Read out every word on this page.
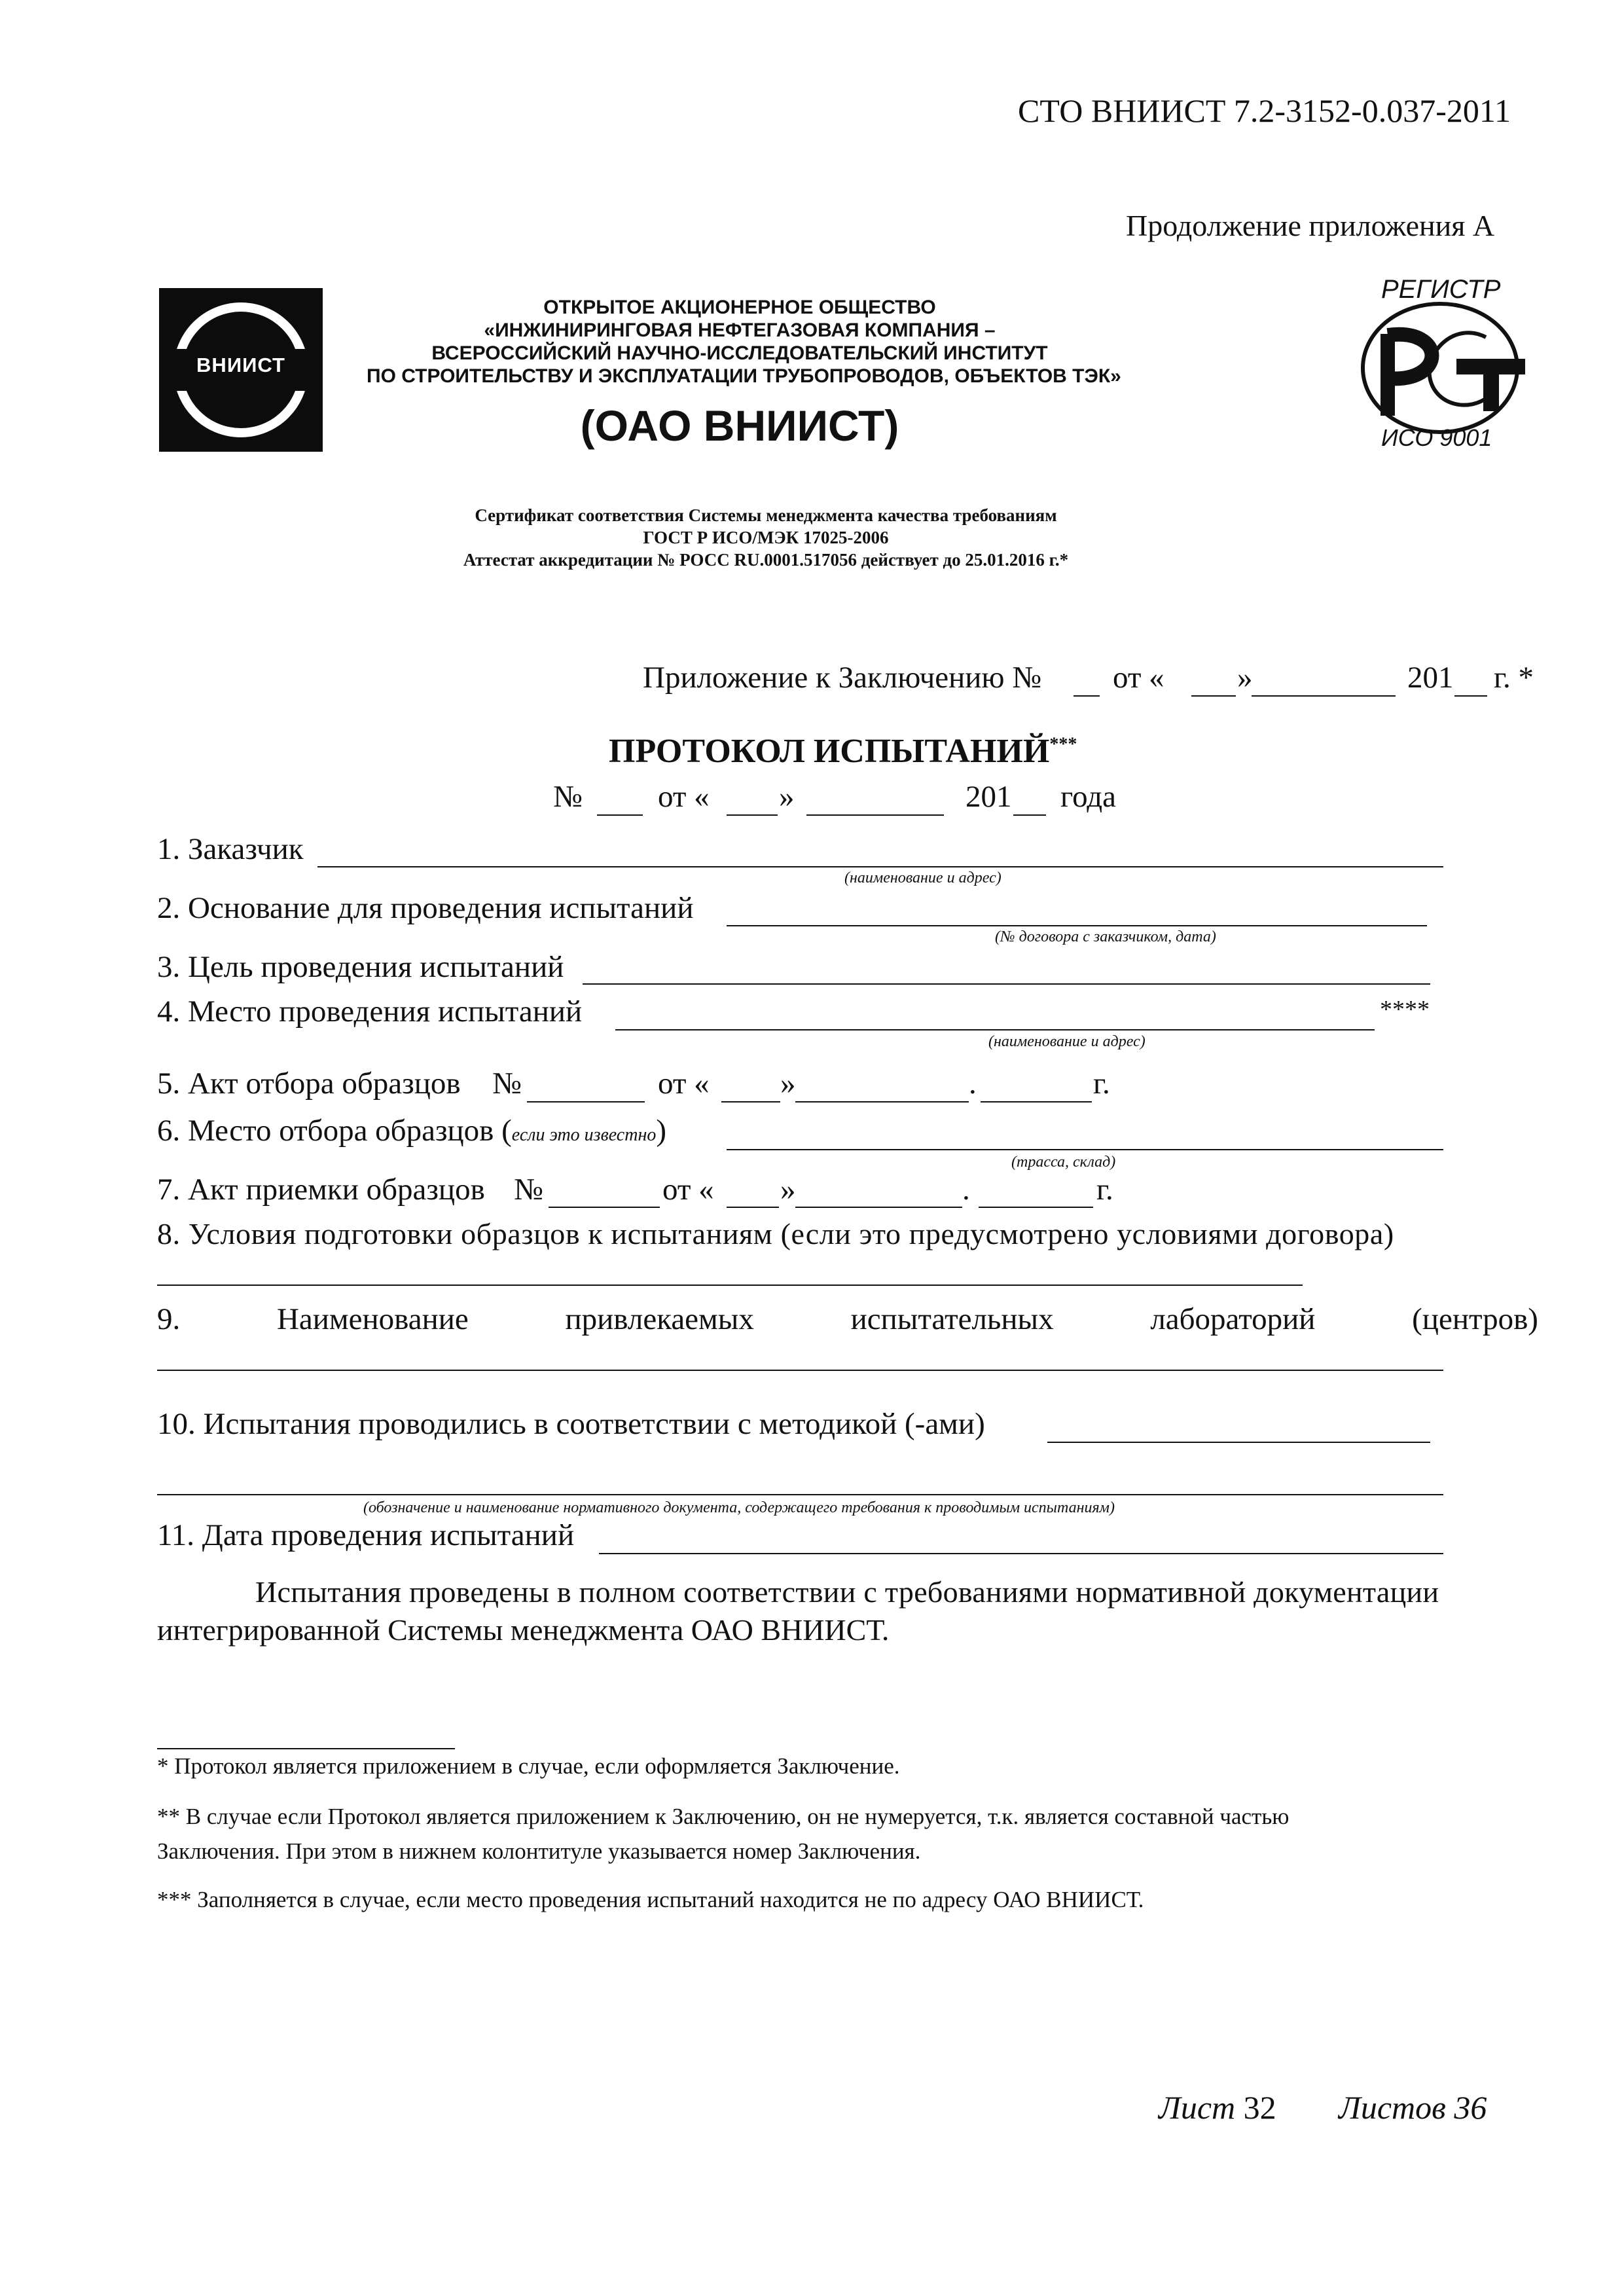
СТО ВНИИСТ 7.2-3152-0.037-2011
Продолжение приложения А
ВНИИСТ
ОТКРЫТОЕ АКЦИОНЕРНОЕ ОБЩЕСТВО
«ИНЖИНИРИНГОВАЯ НЕФТЕГАЗОВАЯ КОМПАНИЯ –
ВСЕРОССИЙСКИЙ НАУЧНО-ИССЛЕДОВАТЕЛЬСКИЙ ИНСТИТУТ
ПО СТРОИТЕЛЬСТВУ И ЭКСПЛУАТАЦИИ ТРУБОПРОВОДОВ, ОБЪЕКТОВ ТЭК»
(ОАО ВНИИСТ)
РЕГИСТР
ИСО 9001
Сертификат соответствия Системы менеджмента качества требованиям
ГОСТ Р ИСО/МЭК 17025-2006
Аттестат аккредитации № РОСС RU.0001.517056 действует до 25.01.2016 г.*
Приложение к Заключению № от « »	201 г. *
ПРОТОКОЛ ИСПЫТАНИЙ***
№ от « »	201 года
1. Заказчик
(наименование и адрес)
2. Основание для проведения испытаний
(№ договора с заказчиком, дата)
3. Цель проведения испытаний
4. Место проведения испытаний	****
(наименование и адрес)
5. Акт отбора образцов №	от « »	.	г.
6. Место отбора образцов (если это известно)
(трасса, склад)
7. Акт приемки образцов №	от « »	.	г.
8. Условия подготовки образцов к испытаниям (если это предусмотрено условиями договора)
9.	Наименование	привлекаемых	испытательных	лабораторий	(центров)
10. Испытания проводились в соответствии с методикой (-ами)
(обозначение и наименование нормативного документа, содержащего требования к проводимым испытаниям)
11. Дата проведения испытаний
Испытания проведены в полном соответствии с требованиями нормативной документации
интегрированной Системы менеджмента ОАО ВНИИСТ.
* Протокол является приложением в случае, если оформляется Заключение.
** В случае если Протокол является приложением к Заключению, он не нумеруется, т.к. является составной частью
Заключения. При этом в нижнем колонтитуле указывается номер Заключения.
*** Заполняется в случае, если место проведения испытаний находится не по адресу ОАО ВНИИСТ.
Лист 32 Листов 36
